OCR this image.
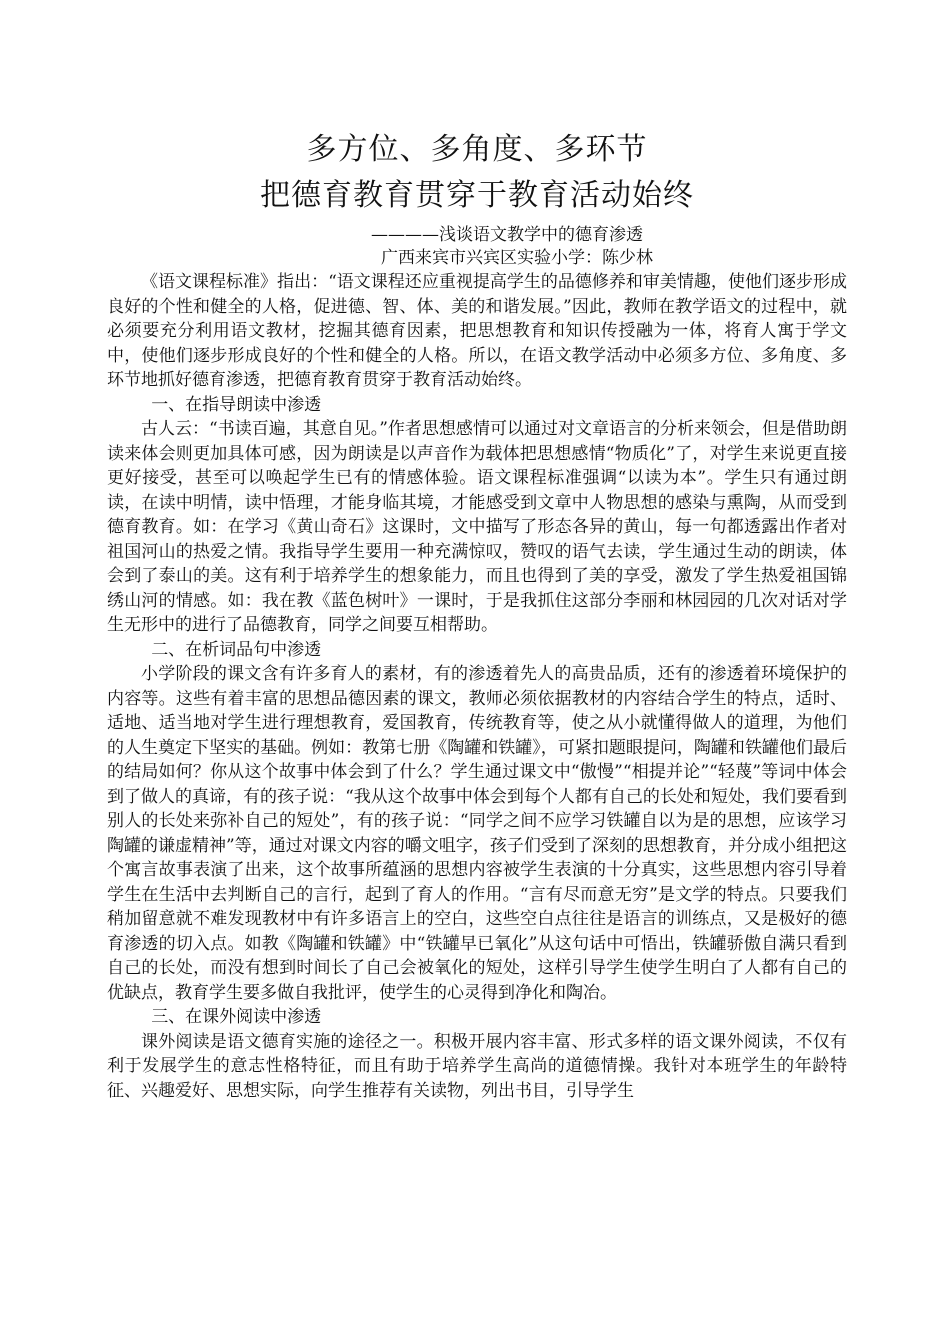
多方位、多角度、多环节
把德育教育贯穿于教育活动始终

————浅谈语文教学中的德育渗透

广西来宾市兴宾区实验小学：陈少林

《语文课程标准》指出：“语文课程还应重视提高学生的品德修养和审美情趣，使他们逐步形成良好的个性和健全的人格，促进德、智、体、美的和谐发展。”因此，教师在教学语文的过程中，就必须要充分利用语文教材，挖掘其德育因素，把思想教育和知识传授融为一体，将育人寓于学文中，使他们逐步形成良好的个性和健全的人格。所以，在语文教学活动中必须多方位、多角度、多环节地抓好德育渗透，把德育教育贯穿于教育活动始终。

一、在指导朗读中渗透

古人云：“书读百遍，其意自见。”作者思想感情可以通过对文章语言的分析来领会，但是借助朗读来体会则更加具体可感，因为朗读是以声音作为载体把思想感情“物质化”了，对学生来说更直接更好接受，甚至可以唤起学生已有的情感体验。语文课程标准强调“以读为本”。学生只有通过朗读，在读中明情，读中悟理，才能身临其境，才能感受到文章中人物思想的感染与熏陶，从而受到德育教育。如：在学习《黄山奇石》这课时，文中描写了形态各异的黄山，每一句都透露出作者对祖国河山的热爱之情。我指导学生要用一种充满惊叹，赞叹的语气去读，学生通过生动的朗读，体会到了泰山的美。这有利于培养学生的想象能力，而且也得到了美的享受，激发了学生热爱祖国锦绣山河的情感。如：我在教《蓝色树叶》一课时，于是我抓住这部分李丽和林园园的几次对话对学生无形中的进行了品德教育，同学之间要互相帮助。

二、在析词品句中渗透

小学阶段的课文含有许多育人的素材，有的渗透着先人的高贵品质，还有的渗透着环境保护的内容等。这些有着丰富的思想品德因素的课文，教师必须依据教材的内容结合学生的特点，适时、适地、适当地对学生进行理想教育，爱国教育，传统教育等，使之从小就懂得做人的道理，为他们的人生奠定下坚实的基础。例如：教第七册《陶罐和铁罐》，可紧扣题眼提问，陶罐和铁罐他们最后的结局如何？你从这个故事中体会到了什么？学生通过课文中“傲慢”“相提并论”“轻蔑”等词中体会到了做人的真谛，有的孩子说：“我从这个故事中体会到每个人都有自己的长处和短处，我们要看到别人的长处来弥补自己的短处”，有的孩子说：“同学之间不应学习铁罐自以为是的思想，应该学习陶罐的谦虚精神”等，通过对课文内容的嚼文咀字，孩子们受到了深刻的思想教育，并分成小组把这个寓言故事表演了出来，这个故事所蕴涵的思想内容被学生表演的十分真实，这些思想内容引导着学生在生活中去判断自己的言行，起到了育人的作用。“言有尽而意无穷”是文学的特点。只要我们稍加留意就不难发现教材中有许多语言上的空白，这些空白点往往是语言的训练点，又是极好的德育渗透的切入点。如教《陶罐和铁罐》中“铁罐早已氧化”从这句话中可悟出，铁罐骄傲自满只看到自己的长处，而没有想到时间长了自己会被氧化的短处，这样引导学生使学生明白了人都有自己的优缺点，教育学生要多做自我批评，使学生的心灵得到净化和陶冶。

三、在课外阅读中渗透

课外阅读是语文德育实施的途径之一。积极开展内容丰富、形式多样的语文课外阅读，不仅有利于发展学生的意志性格特征，而且有助于培养学生高尚的道德情操。我针对本班学生的年龄特征、兴趣爱好、思想实际，向学生推荐有关读物，列出书目，引导学生
